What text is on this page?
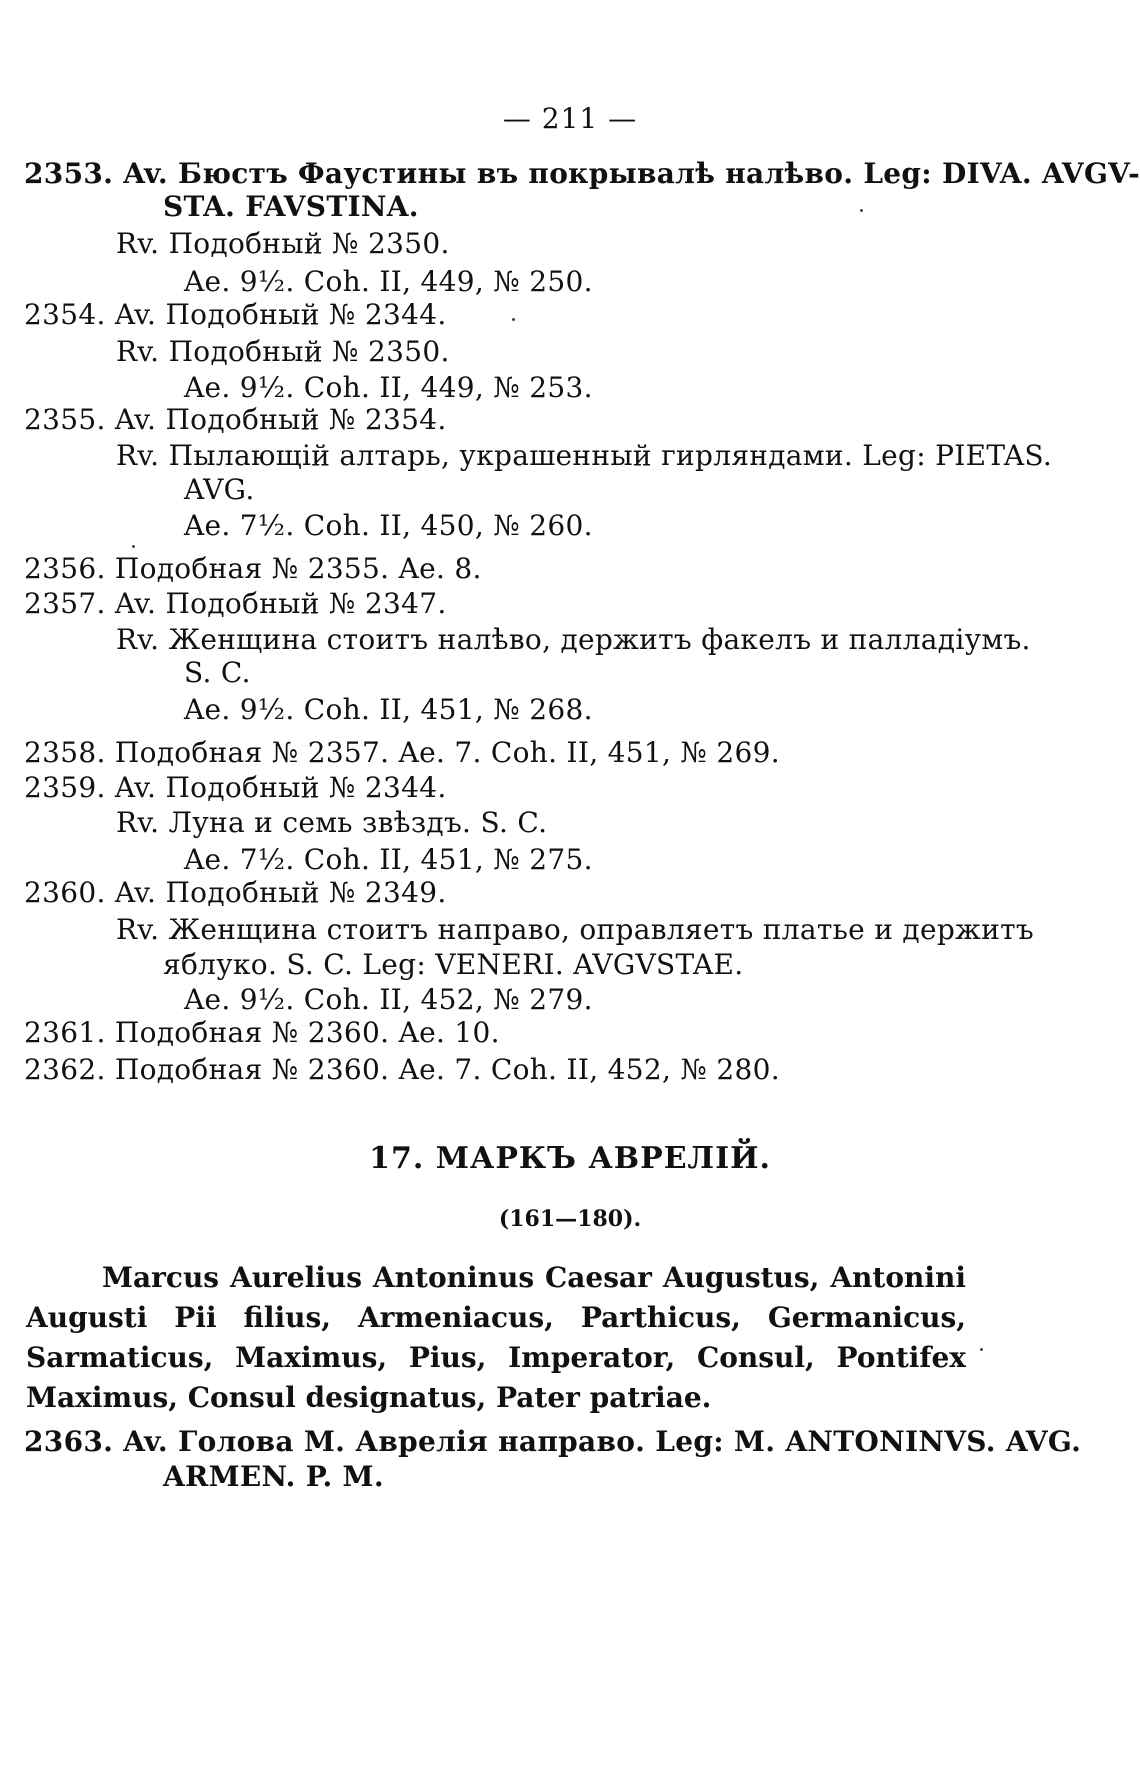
— 211 —
2353. Av. Бюстъ Фаустины въ покрывалѣ налѣво. Leg: DIVA. AVGV-
STA. FAVSTINA.
Rv. Подобный № 2350.
Ae. 9½. Coh. II, 449, № 250.
2354. Av. Подобный № 2344.
Rv. Подобный № 2350.
Ae. 9½. Coh. II, 449, № 253.
2355. Av. Подобный № 2354.
Rv. Пылающій алтарь, украшенный гирляндами. Leg: PIETAS.
AVG.
Ae. 7½. Coh. II, 450, № 260.
2356. Подобная № 2355. Ae. 8.
2357. Av. Подобный № 2347.
Rv. Женщина стоитъ налѣво, держитъ факелъ и палладіумъ.
S. C.
Ae. 9½. Coh. II, 451, № 268.
2358. Подобная № 2357. Ae. 7. Coh. II, 451, № 269.
2359. Av. Подобный № 2344.
Rv. Луна и семь звѣздъ. S. C.
Ae. 7½. Coh. II, 451, № 275.
2360. Av. Подобный № 2349.
Rv. Женщина стоитъ направо, оправляетъ платье и держитъ
яблуко. S. C. Leg: VENERI. AVGVSTAE.
Ae. 9½. Coh. II, 452, № 279.
2361. Подобная № 2360. Ae. 10.
2362. Подобная № 2360. Ae. 7. Coh. II, 452, № 280.
17. МАРКЪ АВРЕЛІЙ.
(161—180).
Marcus Aurelius Antoninus Caesar Augustus, Antonini Augusti Pii filius, Armeniacus, Parthicus, Germanicus, Sarmaticus, Maximus, Pius, Imperator, Consul, Pontifex Maximus, Consul designatus, Pater patriae.
2363. Av. Голова М. Аврелія направо. Leg: M. ANTONINVS. AVG.
ARMEN. P. M.
